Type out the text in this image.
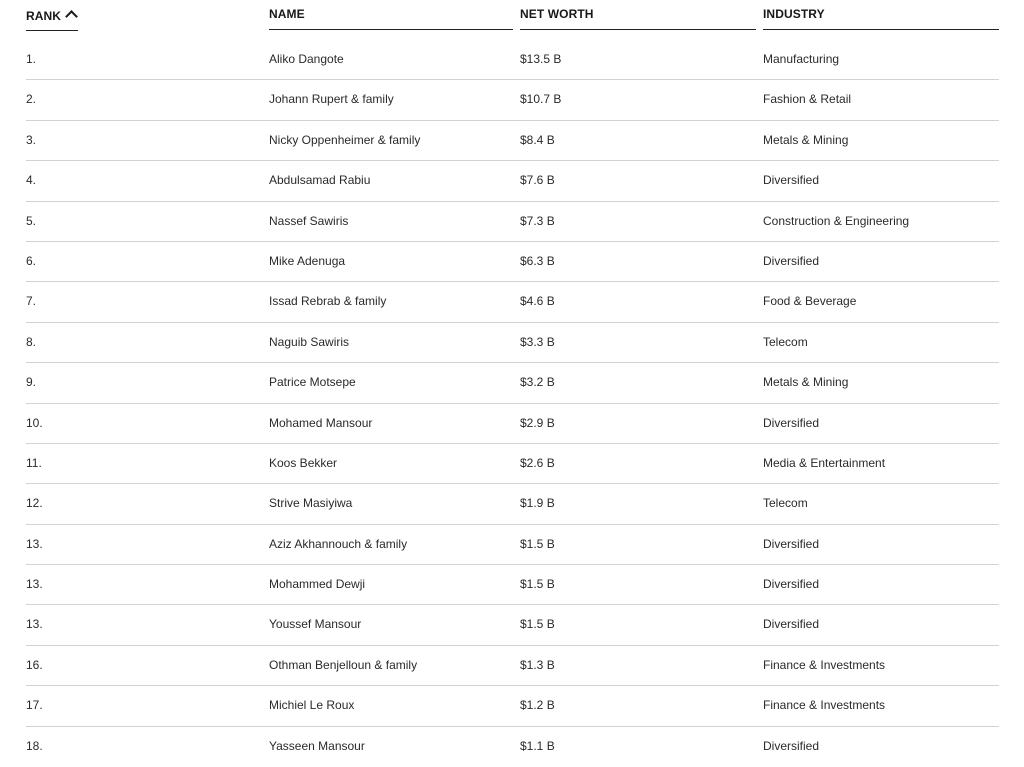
RANK	NAME	NET WORTH	INDUSTRY
1.	Aliko Dangote	$13.5 B	Manufacturing
2.	Johann Rupert & family	$10.7 B	Fashion & Retail
3.	Nicky Oppenheimer & family	$8.4 B	Metals & Mining
4.	Abdulsamad Rabiu	$7.6 B	Diversified
5.	Nassef Sawiris	$7.3 B	Construction & Engineering
6.	Mike Adenuga	$6.3 B	Diversified
7.	Issad Rebrab & family	$4.6 B	Food & Beverage
8.	Naguib Sawiris	$3.3 B	Telecom
9.	Patrice Motsepe	$3.2 B	Metals & Mining
10.	Mohamed Mansour	$2.9 B	Diversified
11.	Koos Bekker	$2.6 B	Media & Entertainment
12.	Strive Masiyiwa	$1.9 B	Telecom
13.	Aziz Akhannouch & family	$1.5 B	Diversified
13.	Mohammed Dewji	$1.5 B	Diversified
13.	Youssef Mansour	$1.5 B	Diversified
16.	Othman Benjelloun & family	$1.3 B	Finance & Investments
17.	Michiel Le Roux	$1.2 B	Finance & Investments
18.	Yasseen Mansour	$1.1 B	Diversified
